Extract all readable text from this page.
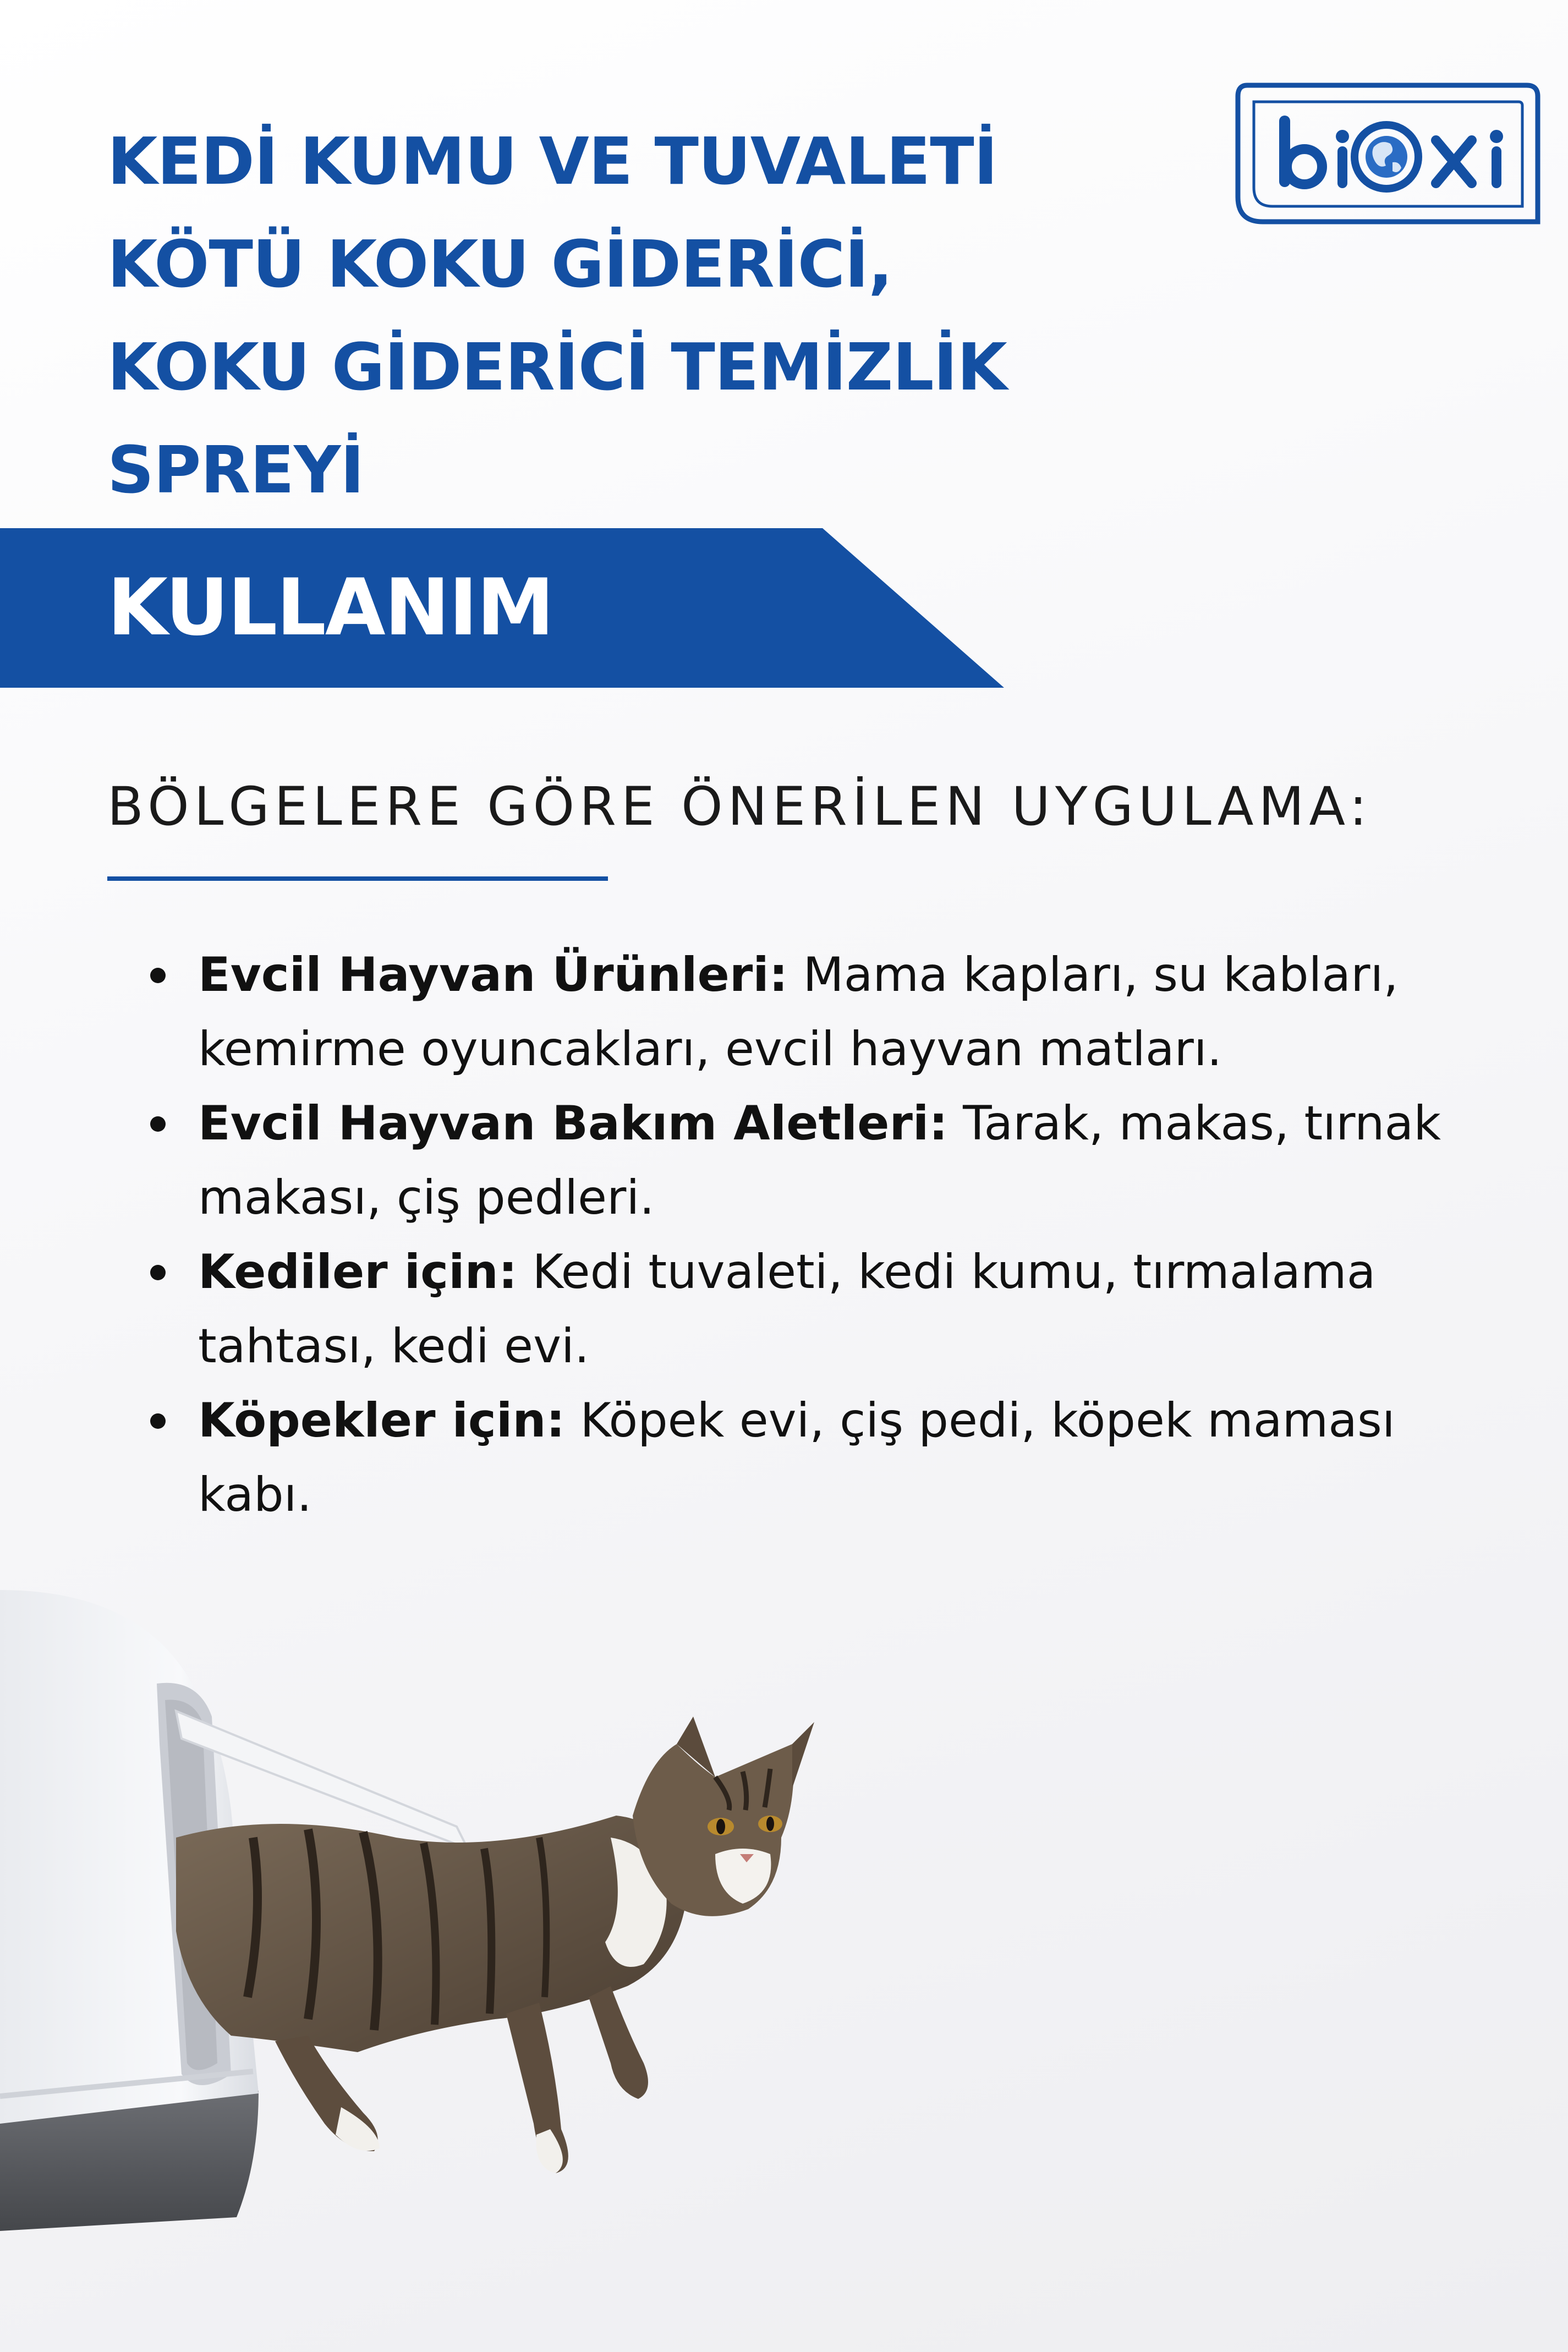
KEDİ KUMU VE TUVALETİ
KÖTÜ KOKU GİDERİCİ,
KOKU GİDERİCİ TEMİZLİK
SPREYİ
KULLANIM
BÖLGELERE GÖRE ÖNERİLEN UYGULAMA:
Evcil Hayvan Ürünleri: Mama kapları, su kabları, kemirme oyuncakları, evcil hayvan matları.
Evcil Hayvan Bakım Aletleri: Tarak, makas, tırnak makası, çiş pedleri.
Kediler için: Kedi tuvaleti, kedi kumu, tırmalama tahtası, kedi evi.
Köpekler için: Köpek evi, çiş pedi, köpek maması kabı.
